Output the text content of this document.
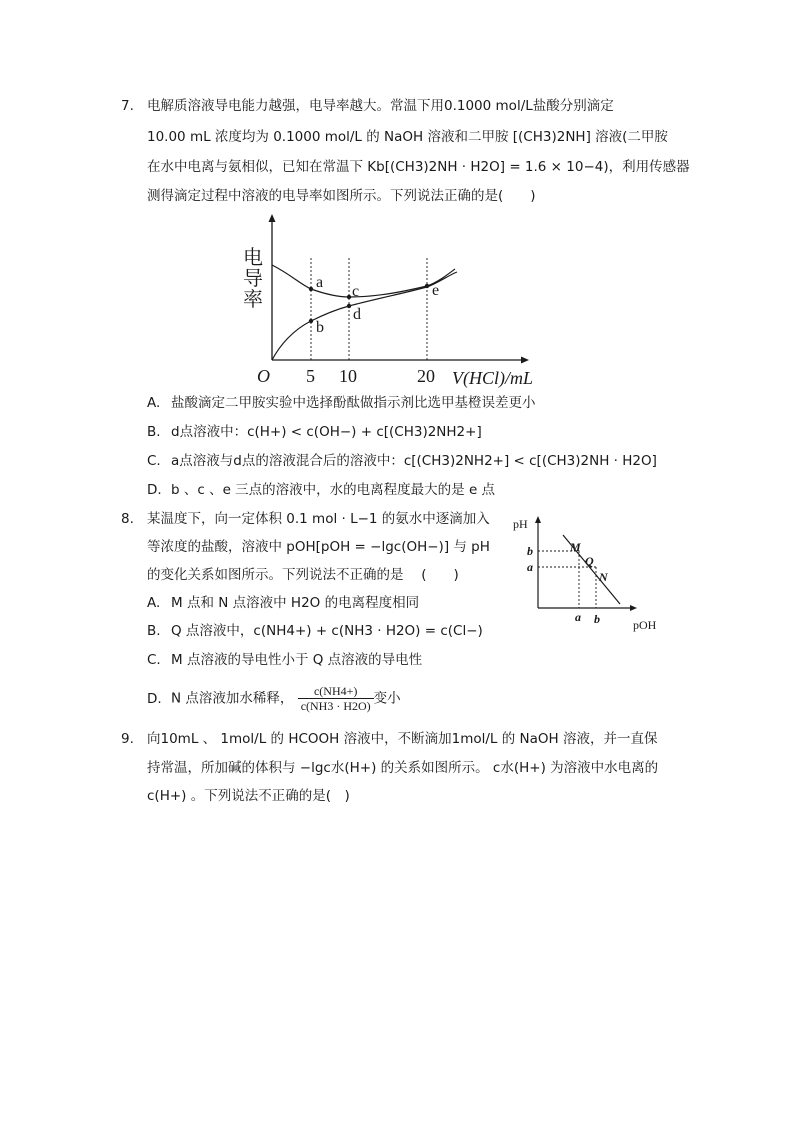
7. 电解质溶液导电能力越强，电导率越大。常温下用0.1000 mol/L盐酸分别滴定
10.00 mL 浓度均为 0.1000 mol/L 的 NaOH 溶液和二甲胺 [(CH3)2NH] 溶液(二甲胺
在水中电离与氨相似，已知在常温下 Kb[(CH3)2NH · H2O] = 1.6 × 10−4)，利用传感器
测得滴定过程中溶液的电导率如图所示。下列说法正确的是(　　)
电
导
率
a
b
c
d
e
O 5 10	20 V(HCl)/mL
A. 盐酸滴定二甲胺实验中选择酚酞做指示剂比选甲基橙误差更小
B. d点溶液中：c(H+) < c(OH−) + c[(CH3)2NH2+]
C. a点溶液与d点的溶液混合后的溶液中：c[(CH3)2NH2+] < c[(CH3)2NH · H2O]
D. b 、c 、e 三点的溶液中，水的电离程度最大的是 e 点
8. 某温度下，向一定体积 0.1 mol · L−1 的氨水中逐滴加入
等浓度的盐酸，溶液中 pOH[pOH = −lgc(OH−)] 与 pH
的变化关系如图所示。下列说法不正确的是 　(　　)
pH
b
a
a b
M
Q
N
pOH
A. M 点和 N 点溶液中 H2O 的电离程度相同
B. Q 点溶液中，c(NH4+) + c(NH3 · H2O) = c(Cl−)
C. M 点溶液的导电性小于 Q 点溶液的导电性
D. N 点溶液加水稀释， $\frac{c(NH4+)}{c(NH3 \cdot H2O)}$ 变小
9. 向10mL 、 1mol/L 的 HCOOH 溶液中，不断滴加1mol/L 的 NaOH 溶液，并一直保
持常温，所加碱的体积与 −lgc水(H+) 的关系如图所示。 c水(H+) 为溶液中水电离的
c(H+) 。下列说法不正确的是(　)
